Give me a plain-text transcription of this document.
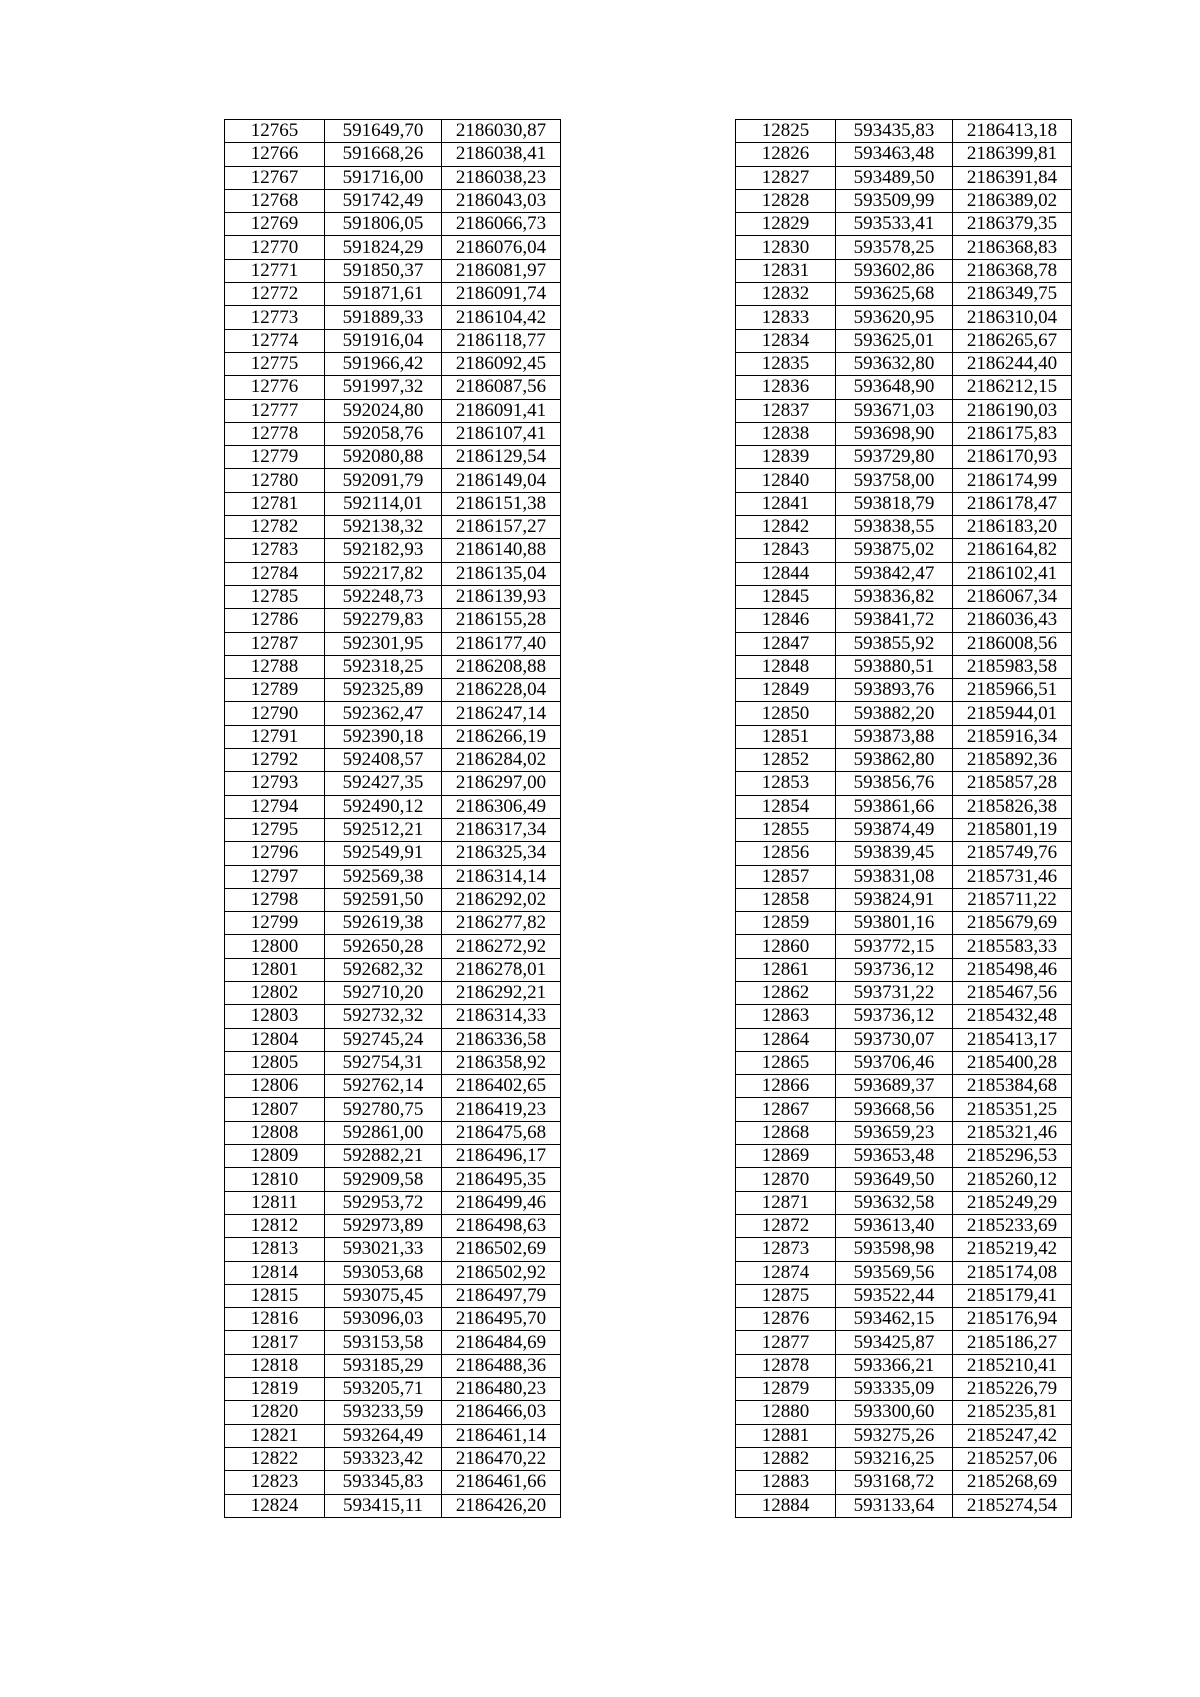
12765	591649,70	2186030,87
12766	591668,26	2186038,41
12767	591716,00	2186038,23
12768	591742,49	2186043,03
12769	591806,05	2186066,73
12770	591824,29	2186076,04
12771	591850,37	2186081,97
12772	591871,61	2186091,74
12773	591889,33	2186104,42
12774	591916,04	2186118,77
12775	591966,42	2186092,45
12776	591997,32	2186087,56
12777	592024,80	2186091,41
12778	592058,76	2186107,41
12779	592080,88	2186129,54
12780	592091,79	2186149,04
12781	592114,01	2186151,38
12782	592138,32	2186157,27
12783	592182,93	2186140,88
12784	592217,82	2186135,04
12785	592248,73	2186139,93
12786	592279,83	2186155,28
12787	592301,95	2186177,40
12788	592318,25	2186208,88
12789	592325,89	2186228,04
12790	592362,47	2186247,14
12791	592390,18	2186266,19
12792	592408,57	2186284,02
12793	592427,35	2186297,00
12794	592490,12	2186306,49
12795	592512,21	2186317,34
12796	592549,91	2186325,34
12797	592569,38	2186314,14
12798	592591,50	2186292,02
12799	592619,38	2186277,82
12800	592650,28	2186272,92
12801	592682,32	2186278,01
12802	592710,20	2186292,21
12803	592732,32	2186314,33
12804	592745,24	2186336,58
12805	592754,31	2186358,92
12806	592762,14	2186402,65
12807	592780,75	2186419,23
12808	592861,00	2186475,68
12809	592882,21	2186496,17
12810	592909,58	2186495,35
12811	592953,72	2186499,46
12812	592973,89	2186498,63
12813	593021,33	2186502,69
12814	593053,68	2186502,92
12815	593075,45	2186497,79
12816	593096,03	2186495,70
12817	593153,58	2186484,69
12818	593185,29	2186488,36
12819	593205,71	2186480,23
12820	593233,59	2186466,03
12821	593264,49	2186461,14
12822	593323,42	2186470,22
12823	593345,83	2186461,66
12824	593415,11	2186426,20
12825	593435,83	2186413,18
12826	593463,48	2186399,81
12827	593489,50	2186391,84
12828	593509,99	2186389,02
12829	593533,41	2186379,35
12830	593578,25	2186368,83
12831	593602,86	2186368,78
12832	593625,68	2186349,75
12833	593620,95	2186310,04
12834	593625,01	2186265,67
12835	593632,80	2186244,40
12836	593648,90	2186212,15
12837	593671,03	2186190,03
12838	593698,90	2186175,83
12839	593729,80	2186170,93
12840	593758,00	2186174,99
12841	593818,79	2186178,47
12842	593838,55	2186183,20
12843	593875,02	2186164,82
12844	593842,47	2186102,41
12845	593836,82	2186067,34
12846	593841,72	2186036,43
12847	593855,92	2186008,56
12848	593880,51	2185983,58
12849	593893,76	2185966,51
12850	593882,20	2185944,01
12851	593873,88	2185916,34
12852	593862,80	2185892,36
12853	593856,76	2185857,28
12854	593861,66	2185826,38
12855	593874,49	2185801,19
12856	593839,45	2185749,76
12857	593831,08	2185731,46
12858	593824,91	2185711,22
12859	593801,16	2185679,69
12860	593772,15	2185583,33
12861	593736,12	2185498,46
12862	593731,22	2185467,56
12863	593736,12	2185432,48
12864	593730,07	2185413,17
12865	593706,46	2185400,28
12866	593689,37	2185384,68
12867	593668,56	2185351,25
12868	593659,23	2185321,46
12869	593653,48	2185296,53
12870	593649,50	2185260,12
12871	593632,58	2185249,29
12872	593613,40	2185233,69
12873	593598,98	2185219,42
12874	593569,56	2185174,08
12875	593522,44	2185179,41
12876	593462,15	2185176,94
12877	593425,87	2185186,27
12878	593366,21	2185210,41
12879	593335,09	2185226,79
12880	593300,60	2185235,81
12881	593275,26	2185247,42
12882	593216,25	2185257,06
12883	593168,72	2185268,69
12884	593133,64	2185274,54
